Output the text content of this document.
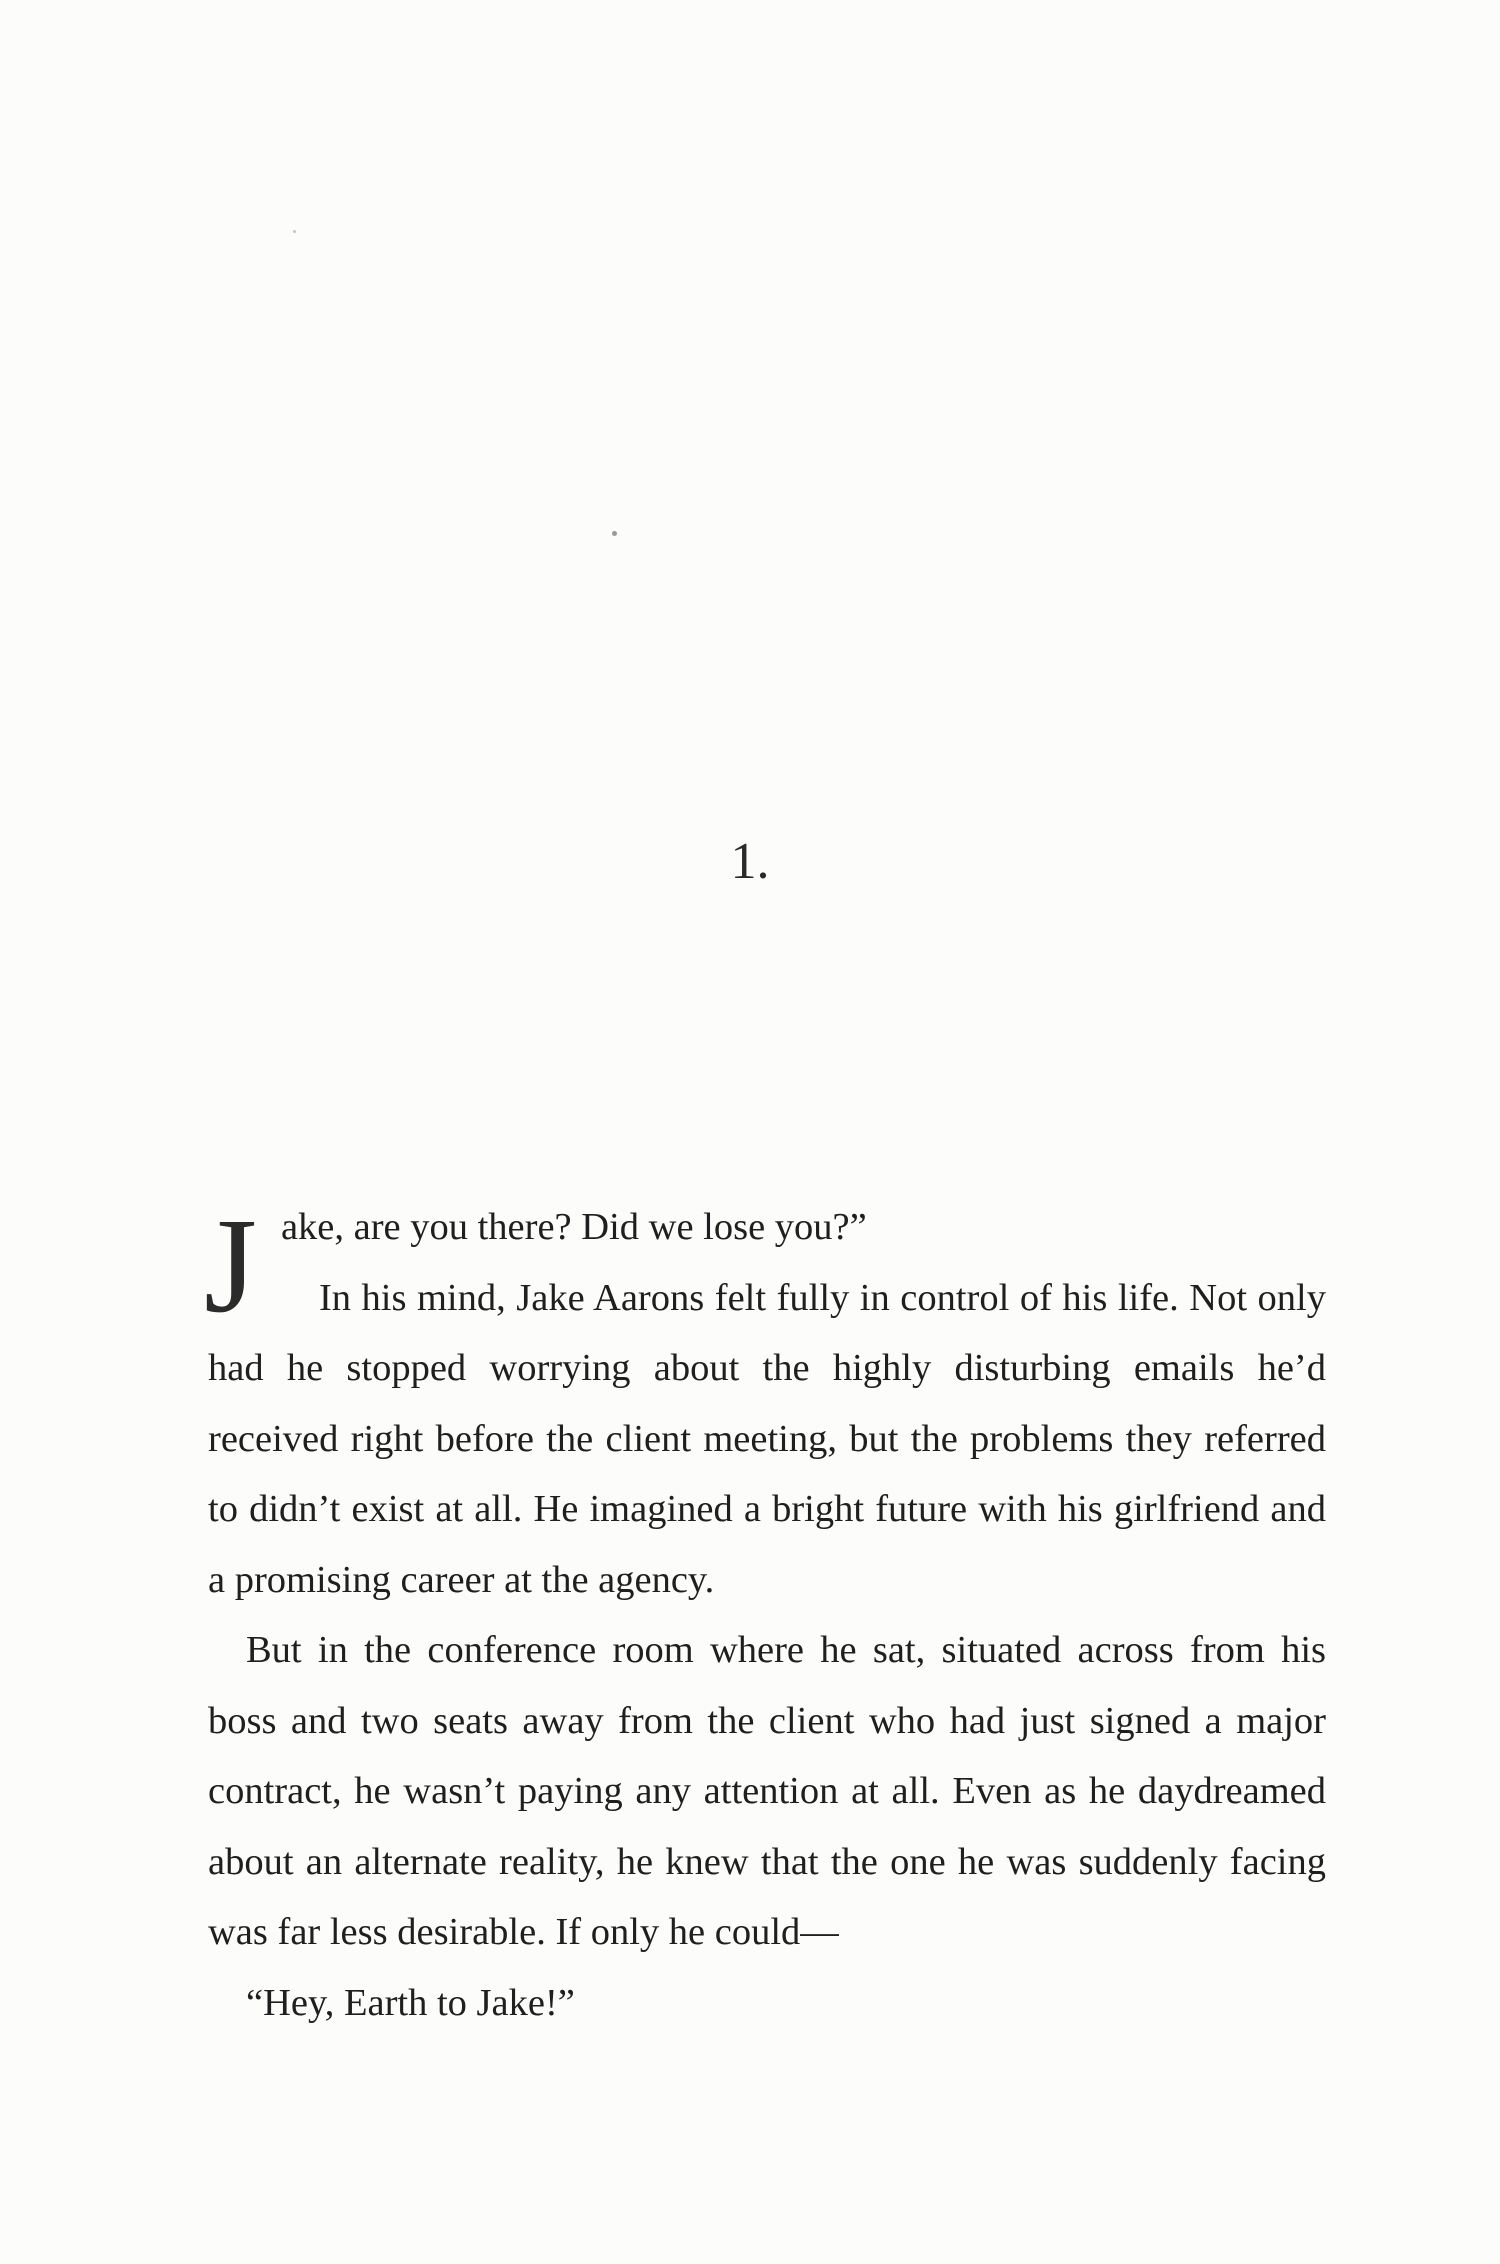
1.

J ake, are you there? Did we lose you?”

In his mind, Jake Aarons felt fully in control of his life. Not only had he stopped worrying about the highly disturbing emails he’d received right before the client meeting, but the problems they referred to didn’t exist at all. He imagined a bright future with his girlfriend and a promising career at the agency.

But in the conference room where he sat, situated across from his boss and two seats away from the client who had just signed a major contract, he wasn’t paying any attention at all. Even as he daydreamed about an alternate reality, he knew that the one he was suddenly facing was far less desirable. If only he could—

“Hey, Earth to Jake!”
